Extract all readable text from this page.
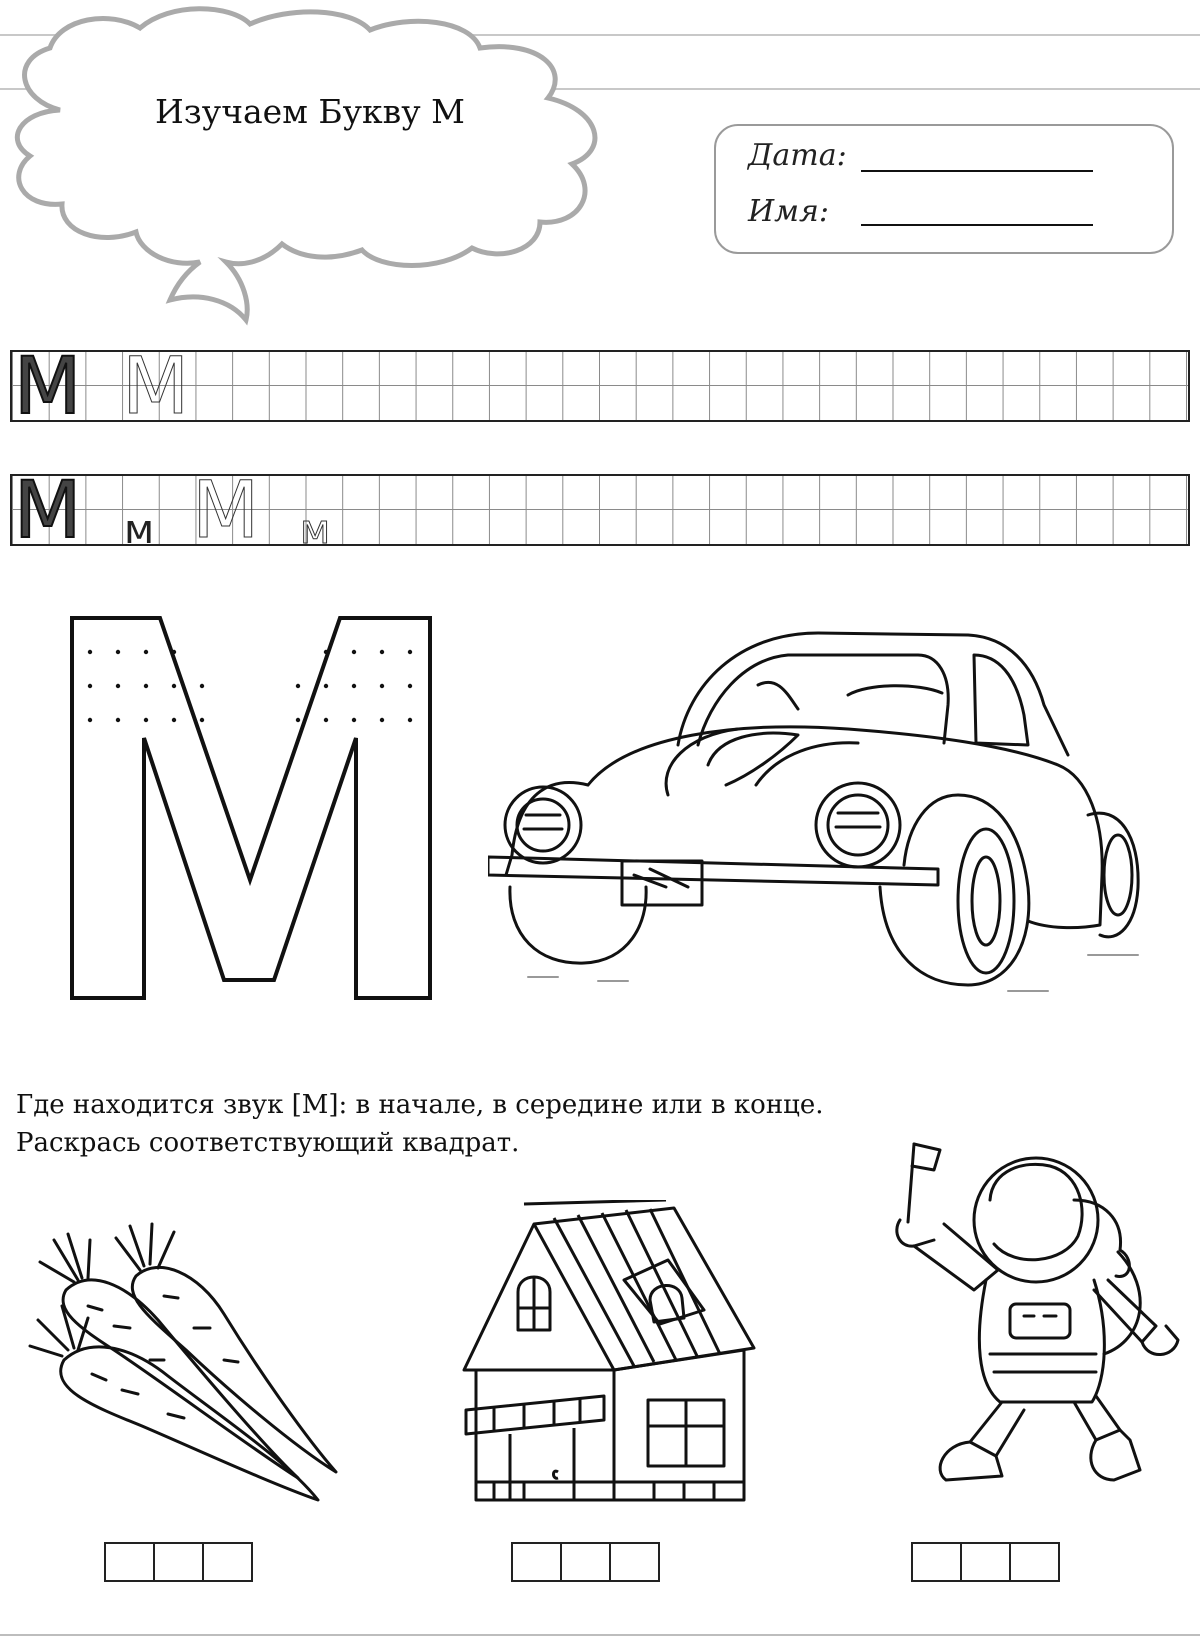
Изучаем Букву М
Дата:
Имя:
М М
М м М м
Где находится звук [М]: в начале, в середине или в конце.
Раскрась соответствующий квадрат.
